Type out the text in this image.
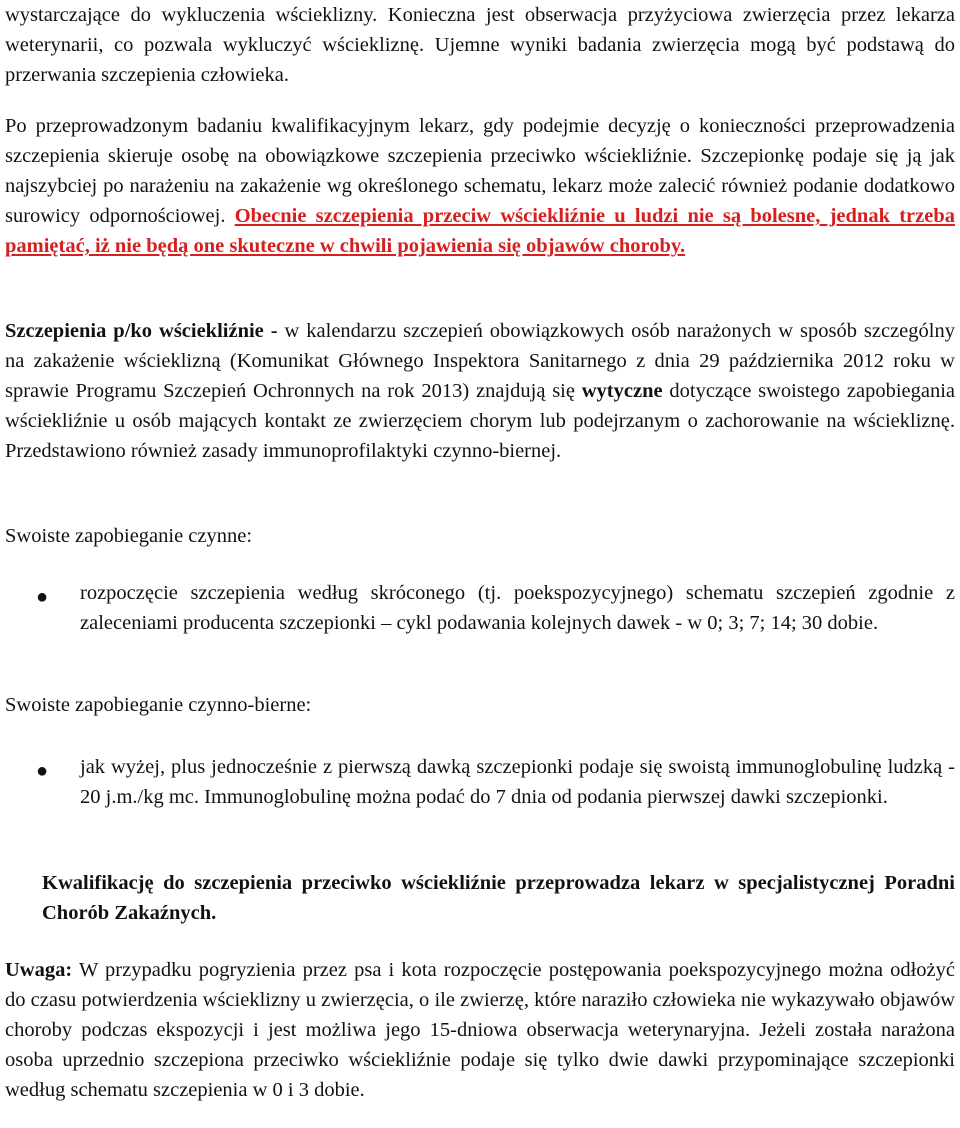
wystarczające do wykluczenia wścieklizny. Konieczna jest obserwacja przyżyciowa zwierzęcia przez lekarza weterynarii, co pozwala wykluczyć wściekliznę. Ujemne wyniki badania zwierzęcia mogą być podstawą do przerwania szczepienia człowieka.

Po przeprowadzonym badaniu kwalifikacyjnym lekarz, gdy podejmie decyzję o konieczności przeprowadzenia szczepienia skieruje osobę na obowiązkowe szczepienia przeciwko wściekliźnie. Szczepionkę podaje się ją jak najszybciej po narażeniu na zakażenie wg określonego schematu, lekarz może zalecić również podanie dodatkowo surowicy odpornościowej. Obecnie szczepienia przeciw wściekliźnie u ludzi nie są bolesne, jednak trzeba pamiętać, iż nie będą one skuteczne w chwili pojawienia się objawów choroby.

Szczepienia p/ko wściekliźnie - w kalendarzu szczepień obowiązkowych osób narażonych w sposób szczególny na zakażenie wścieklizną (Komunikat Głównego Inspektora Sanitarnego z dnia 29 października 2012 roku w sprawie Programu Szczepień Ochronnych na rok 2013) znajdują się wytyczne dotyczące swoistego zapobiegania wściekliźnie u osób mających kontakt ze zwierzęciem chorym lub podejrzanym o zachorowanie na wściekliznę. Przedstawiono również zasady immunoprofilaktyki czynno-biernej.

Swoiste zapobieganie czynne:

● rozpoczęcie szczepienia według skróconego (tj. poekspozycyjnego) schematu szczepień zgodnie z zaleceniami producenta szczepionki – cykl podawania kolejnych dawek - w 0; 3; 7; 14; 30 dobie.

Swoiste zapobieganie czynno-bierne:

● jak wyżej, plus jednocześnie z pierwszą dawką szczepionki podaje się swoistą immunoglobulinę ludzką - 20 j.m./kg mc. Immunoglobulinę można podać do 7 dnia od podania pierwszej dawki szczepionki.

Kwalifikację do szczepienia przeciwko wściekliźnie przeprowadza lekarz w specjalistycznej Poradni Chorób Zakaźnych.

Uwaga: W przypadku pogryzienia przez psa i kota rozpoczęcie postępowania poekspozycyjnego można odłożyć do czasu potwierdzenia wścieklizny u zwierzęcia, o ile zwierzę, które naraziło człowieka nie wykazywało objawów choroby podczas ekspozycji i jest możliwa jego 15-dniowa obserwacja weterynaryjna. Jeżeli została narażona osoba uprzednio szczepiona przeciwko wściekliźnie podaje się tylko dwie dawki przypominające szczepionki według schematu szczepienia w 0 i 3 dobie.
